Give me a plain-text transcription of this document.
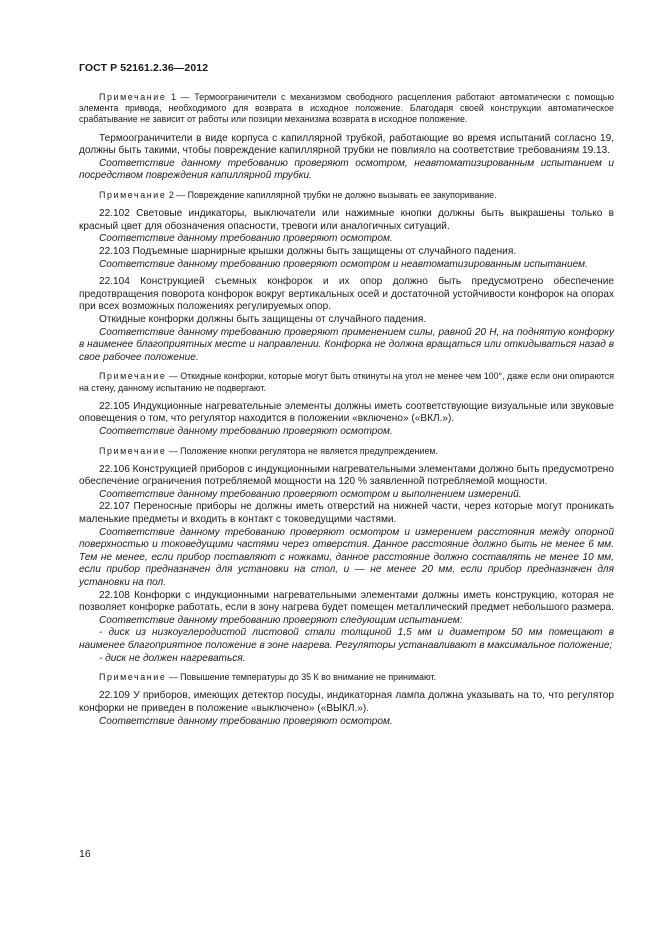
ГОСТ Р 52161.2.36—2012

Примечание 1 — Термоограничители с механизмом свободного расцепления работают автоматически с помощью элемента привода, необходимого для возврата в исходное положение. Благодаря своей конструкции автоматическое срабатывание не зависит от работы или позиции механизма возврата в исходное положение.

Термоограничители в виде корпуса с капиллярной трубкой, работающие во время испытаний согласно 19, должны быть такими, чтобы повреждение капиллярной трубки не повлияло на соответствие требованиям 19.13.

Соответствие данному требованию проверяют осмотром, неавтоматизированным испытанием и посредством повреждения капиллярной трубки.

Примечание 2 — Повреждение капиллярной трубки не должно вызывать ее закупоривание.

22.102 Световые индикаторы, выключатели или нажимные кнопки должны быть выкрашены только в красный цвет для обозначения опасности, тревоги или аналогичных ситуаций.

Соответствие данному требованию проверяют осмотром.

22.103 Подъемные шарнирные крышки должны быть защищены от случайного падения.

Соответствие данному требованию проверяют осмотром и неавтоматизированным испытанием.

22.104 Конструкцией съемных конфорок и их опор должно быть предусмотрено обеспечение предотвращения поворота конфорок вокруг вертикальных осей и достаточной устойчивости конфорок на опорах при всех возможных положениях регулируемых опор.

Откидные конфорки должны быть защищены от случайного падения.

Соответствие данному требованию проверяют применением силы, равной 20 Н, на поднятую конфорку в наименее благоприятных месте и направлении. Конфорка не должна вращаться или откидываться назад в свое рабочее положение.

Примечание — Откидные конфорки, которые могут быть откинуты на угол не менее чем 100°, даже если они опираются на стену, данному испытанию не подвергают.

22.105 Индукционные нагревательные элементы должны иметь соответствующие визуальные или звуковые оповещения о том, что регулятор находится в положении «включено» («ВКЛ.»).

Соответствие данному требованию проверяют осмотром.

Примечание — Положение кнопки регулятора не является предупреждением.

22.106 Конструкцией приборов с индукционными нагревательными элементами должно быть предусмотрено обеспечение ограничения потребляемой мощности на 120 % заявленной потребляемой мощности.

Соответствие данному требованию проверяют осмотром и выполнением измерений.

22.107 Переносные приборы не должны иметь отверстий на нижней части, через которые могут проникать маленькие предметы и входить в контакт с токоведущими частями.

Соответствие данному требованию проверяют осмотром и измерением расстояния между опорной поверхностью и токоведущими частями через отверстия. Данное расстояние должно быть не менее 6 мм. Тем не менее, если прибор поставляют с ножками, данное расстояние должно составлять не менее 10 мм, если прибор предназначен для установки на стол, и — не менее 20 мм, если прибор предназначен для установки на пол.

22.108 Конфорки с индукционными нагревательными элементами должны иметь конструкцию, которая не позволяет конфорке работать, если в зону нагрева будет помещен металлический предмет небольшого размера.

Соответствие данному требованию проверяют следующим испытанием:

- диск из низкоуглеродистой листовой стали толщиной 1,5 мм и диаметром 50 мм помещают в наименее благоприятное положение в зоне нагрева. Регуляторы устанавливают в максимальное положение;

- диск не должен нагреваться.

Примечание — Повышение температуры до 35 К во внимание не принимают.

22.109 У приборов, имеющих детектор посуды, индикаторная лампа должна указывать на то, что регулятор конфорки не приведен в положение «выключено» («ВЫКЛ.»).

Соответствие данному требованию проверяют осмотром.

16
